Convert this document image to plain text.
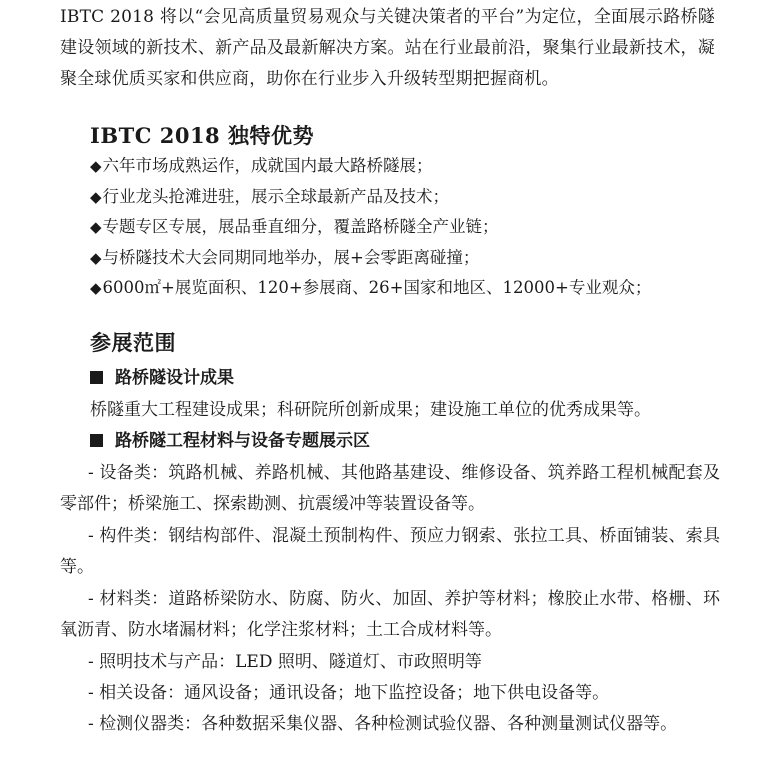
IBTC 2018 将以“会见高质量贸易观众与关键决策者的平台”为定位，全面展示路桥隧建设领域的新技术、新产品及最新解决方案。站在行业最前沿，聚集行业最新技术，凝聚全球优质买家和供应商，助你在行业步入升级转型期把握商机。

IBTC 2018 独特优势
◆六年市场成熟运作，成就国内最大路桥隧展；
◆行业龙头抢滩进驻，展示全球最新产品及技术；
◆专题专区专展，展品垂直细分，覆盖路桥隧全产业链；
◆与桥隧技术大会同期同地举办，展+会零距离碰撞；
◆6000㎡+展览面积、120+参展商、26+国家和地区、12000+专业观众；
参展范围

路桥隧设计成果

桥隧重大工程建设成果；科研院所创新成果；建设施工单位的优秀成果等。

路桥隧工程材料与设备专题展示区

- 设备类：筑路机械、养路机械、其他路基建设、维修设备、筑养路工程机械配套及零部件；桥梁施工、探索勘测、抗震缓冲等装置设备等。

- 构件类：钢结构部件、混凝土预制构件、预应力钢索、张拉工具、桥面铺装、索具等。

- 材料类：道路桥梁防水、防腐、防火、加固、养护等材料；橡胶止水带、格栅、环氧沥青、防水堵漏材料；化学注浆材料；土工合成材料等。

- 照明技术与产品：LED 照明、隧道灯、市政照明等

- 相关设备：通风设备；通讯设备；地下监控设备；地下供电设备等。

- 检测仪器类：各种数据采集仪器、各种检测试验仪器、各种测量测试仪器等。
